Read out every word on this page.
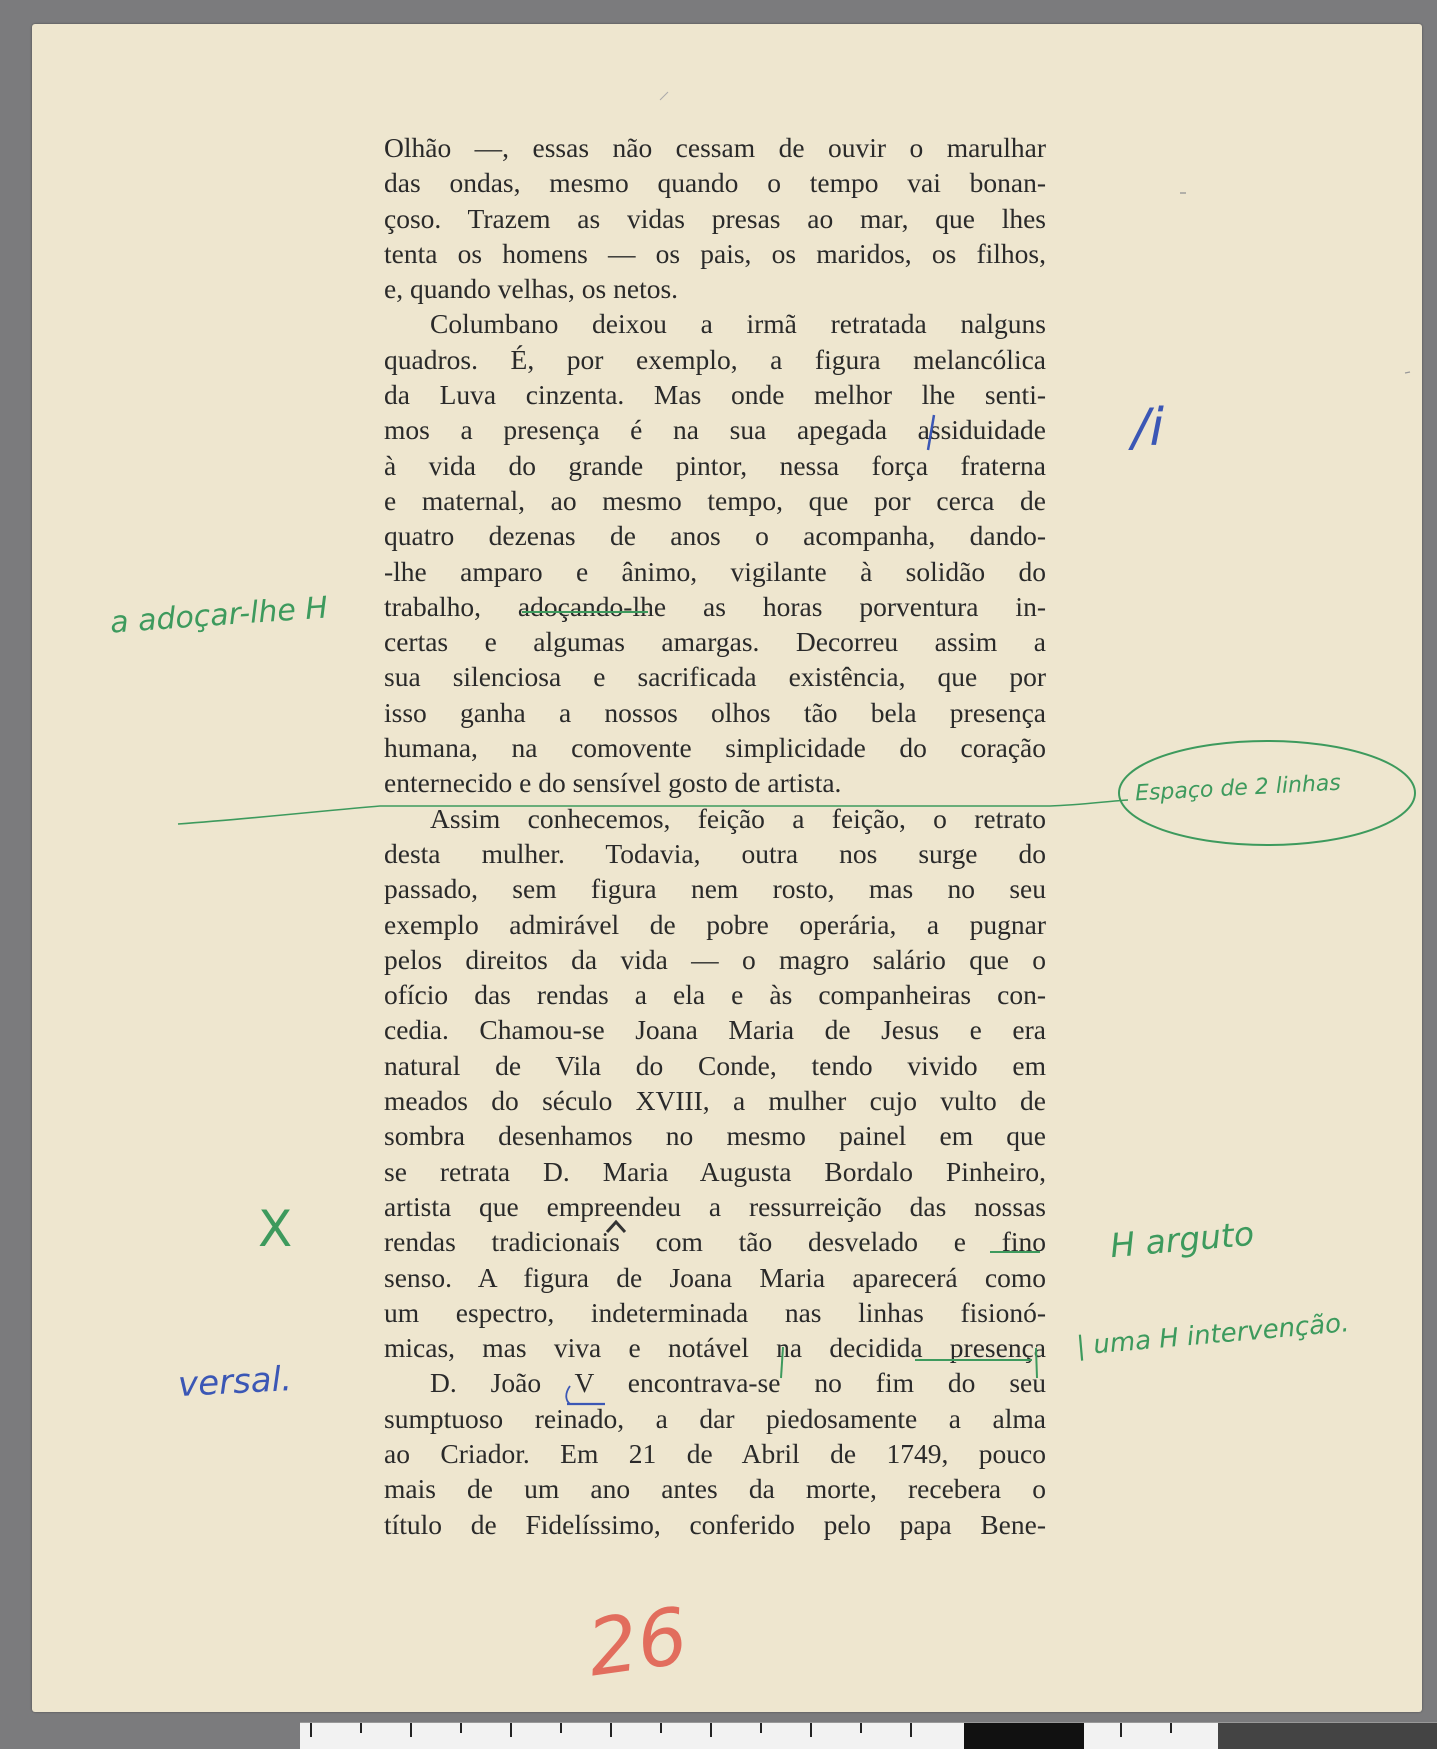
Olhão —, essas não cessam de ouvir o marulhar
das ondas, mesmo quando o tempo vai bonan-
çoso. Trazem as vidas presas ao mar, que lhes
tenta os homens — os pais, os maridos, os filhos,
e, quando velhas, os netos.
Columbano deixou a irmã retratada nalguns
quadros. É, por exemplo, a figura melancólica
da Luva cinzenta. Mas onde melhor lhe senti-
mos a presença é na sua apegada assiduidade
à vida do grande pintor, nessa força fraterna
e maternal, ao mesmo tempo, que por cerca de
quatro dezenas de anos o acompanha, dando-
-lhe amparo e ânimo, vigilante à solidão do
trabalho, adoçando-lhe as horas porventura in-
certas e algumas amargas. Decorreu assim a
sua silenciosa e sacrificada existência, que por
isso ganha a nossos olhos tão bela presença
humana, na comovente simplicidade do coração
enternecido e do sensível gosto de artista.
Assim conhecemos, feição a feição, o retrato
desta mulher. Todavia, outra nos surge do
passado, sem figura nem rosto, mas no seu
exemplo admirável de pobre operária, a pugnar
pelos direitos da vida — o magro salário que o
ofício das rendas a ela e às companheiras con-
cedia. Chamou-se Joana Maria de Jesus e era
natural de Vila do Conde, tendo vivido em
meados do século XVIII, a mulher cujo vulto de
sombra desenhamos no mesmo painel em que
se retrata D. Maria Augusta Bordalo Pinheiro,
artista que empreendeu a ressurreição das nossas
rendas tradicionais com tão desvelado e fino
senso. A figura de Joana Maria aparecerá como
um espectro, indeterminada nas linhas fisionó-
micas, mas viva e notável na decidida presença
D. João V encontrava-se no fim do seu
sumptuoso reinado, a dar piedosamente a alma
ao Criador. Em 21 de Abril de 1749, pouco
mais de um ano antes da morte, recebera o
título de Fidelíssimo, conferido pelo papa Bene-
a adoçar-lhe H
/i
Espaço de 2 linhas
X	H arguto
| uma H intervenção.
versal.
26
